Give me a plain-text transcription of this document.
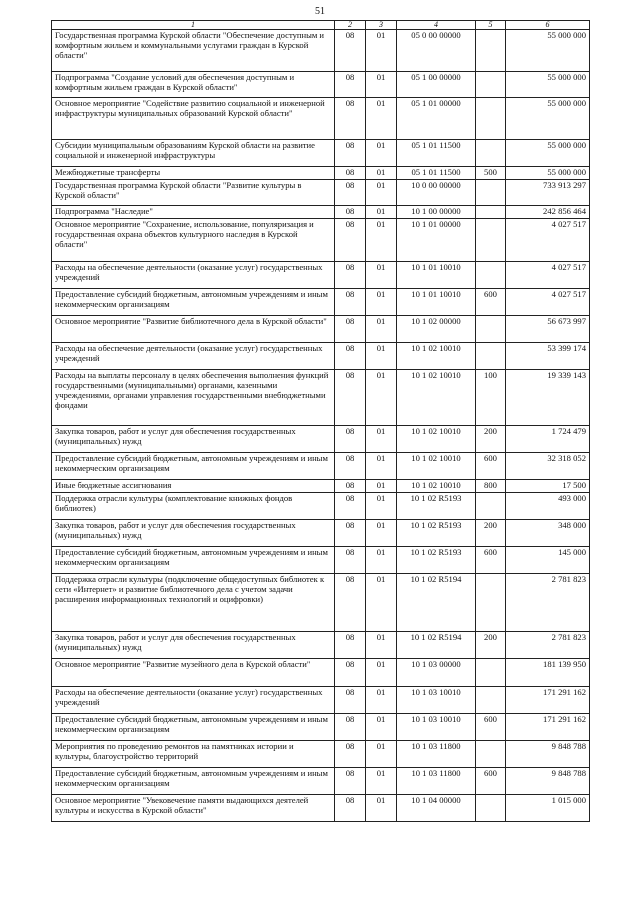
51
1	2	3	4	5	6
Государственная программа Курской области "Обеспечение доступным и комфортным жильем и коммунальными услугами граждан в Курской области"	08	01	05 0 00 00000		55 000 000
Подпрограмма "Создание условий для обеспечения доступным и комфортным жильем граждан в Курской области"	08	01	05 1 00 00000		55 000 000
Основное мероприятие "Содействие развитию социальной и инженерной инфраструктуры муниципальных образований Курской области"	08	01	05 1 01 00000		55 000 000
Субсидии муниципальным образованиям Курской области на развитие социальной и инженерной инфраструктуры	08	01	05 1 01 11500		55 000 000
Межбюджетные трансферты	08	01	05 1 01 11500	500	55 000 000
Государственная программа Курской области "Развитие культуры в Курской области"	08	01	10 0 00 00000		733 913 297
Подпрограмма "Наследие"	08	01	10 1 00 00000		242 856 464
Основное мероприятие "Сохранение, использование, популяризация и государственная охрана объектов культурного наследия в Курской области"	08	01	10 1 01 00000		4 027 517
Расходы на обеспечение деятельности (оказание услуг) государственных учреждений	08	01	10 1 01 10010		4 027 517
Предоставление субсидий бюджетным, автономным учреждениям и иным некоммерческим организациям	08	01	10 1 01 10010	600	4 027 517
Основное мероприятие "Развитие библиотечного дела в Курской области"	08	01	10 1 02 00000		56 673 997
Расходы на обеспечение деятельности (оказание услуг) государственных учреждений	08	01	10 1 02 10010		53 399 174
Расходы на выплаты персоналу в целях обеспечения выполнения функций государственными (муниципальными) органами, казенными учреждениями, органами управления государственными внебюджетными фондами	08	01	10 1 02 10010	100	19 339 143
Закупка товаров, работ и услуг для обеспечения государственных (муниципальных) нужд	08	01	10 1 02 10010	200	1 724 479
Предоставление субсидий бюджетным, автономным учреждениям и иным некоммерческим организациям	08	01	10 1 02 10010	600	32 318 052
Иные бюджетные ассигнования	08	01	10 1 02 10010	800	17 500
Поддержка отрасли культуры (комплектование книжных фондов библиотек)	08	01	10 1 02 R5193		493 000
Закупка товаров, работ и услуг для обеспечения государственных (муниципальных) нужд	08	01	10 1 02 R5193	200	348 000
Предоставление субсидий бюджетным, автономным учреждениям и иным некоммерческим организациям	08	01	10 1 02 R5193	600	145 000
Поддержка отрасли культуры (подключение общедоступных библиотек к сети «Интернет» и развитие библиотечного дела с учетом задачи расширения информационных технологий и оцифровки)	08	01	10 1 02 R5194		2 781 823
Закупка товаров, работ и услуг для обеспечения государственных (муниципальных) нужд	08	01	10 1 02 R5194	200	2 781 823
Основное мероприятие "Развитие музейного дела в Курской области"	08	01	10 1 03 00000		181 139 950
Расходы на обеспечение деятельности (оказание услуг) государственных учреждений	08	01	10 1 03 10010		171 291 162
Предоставление субсидий бюджетным, автономным учреждениям и иным некоммерческим организациям	08	01	10 1 03 10010	600	171 291 162
Мероприятия по проведению ремонтов на памятниках истории и культуры, благоустройство территорий	08	01	10 1 03 11800		9 848 788
Предоставление субсидий бюджетным, автономным учреждениям и иным некоммерческим организациям	08	01	10 1 03 11800	600	9 848 788
Основное мероприятие "Увековечение памяти выдающихся деятелей культуры и искусства в Курской области"	08	01	10 1 04 00000		1 015 000
